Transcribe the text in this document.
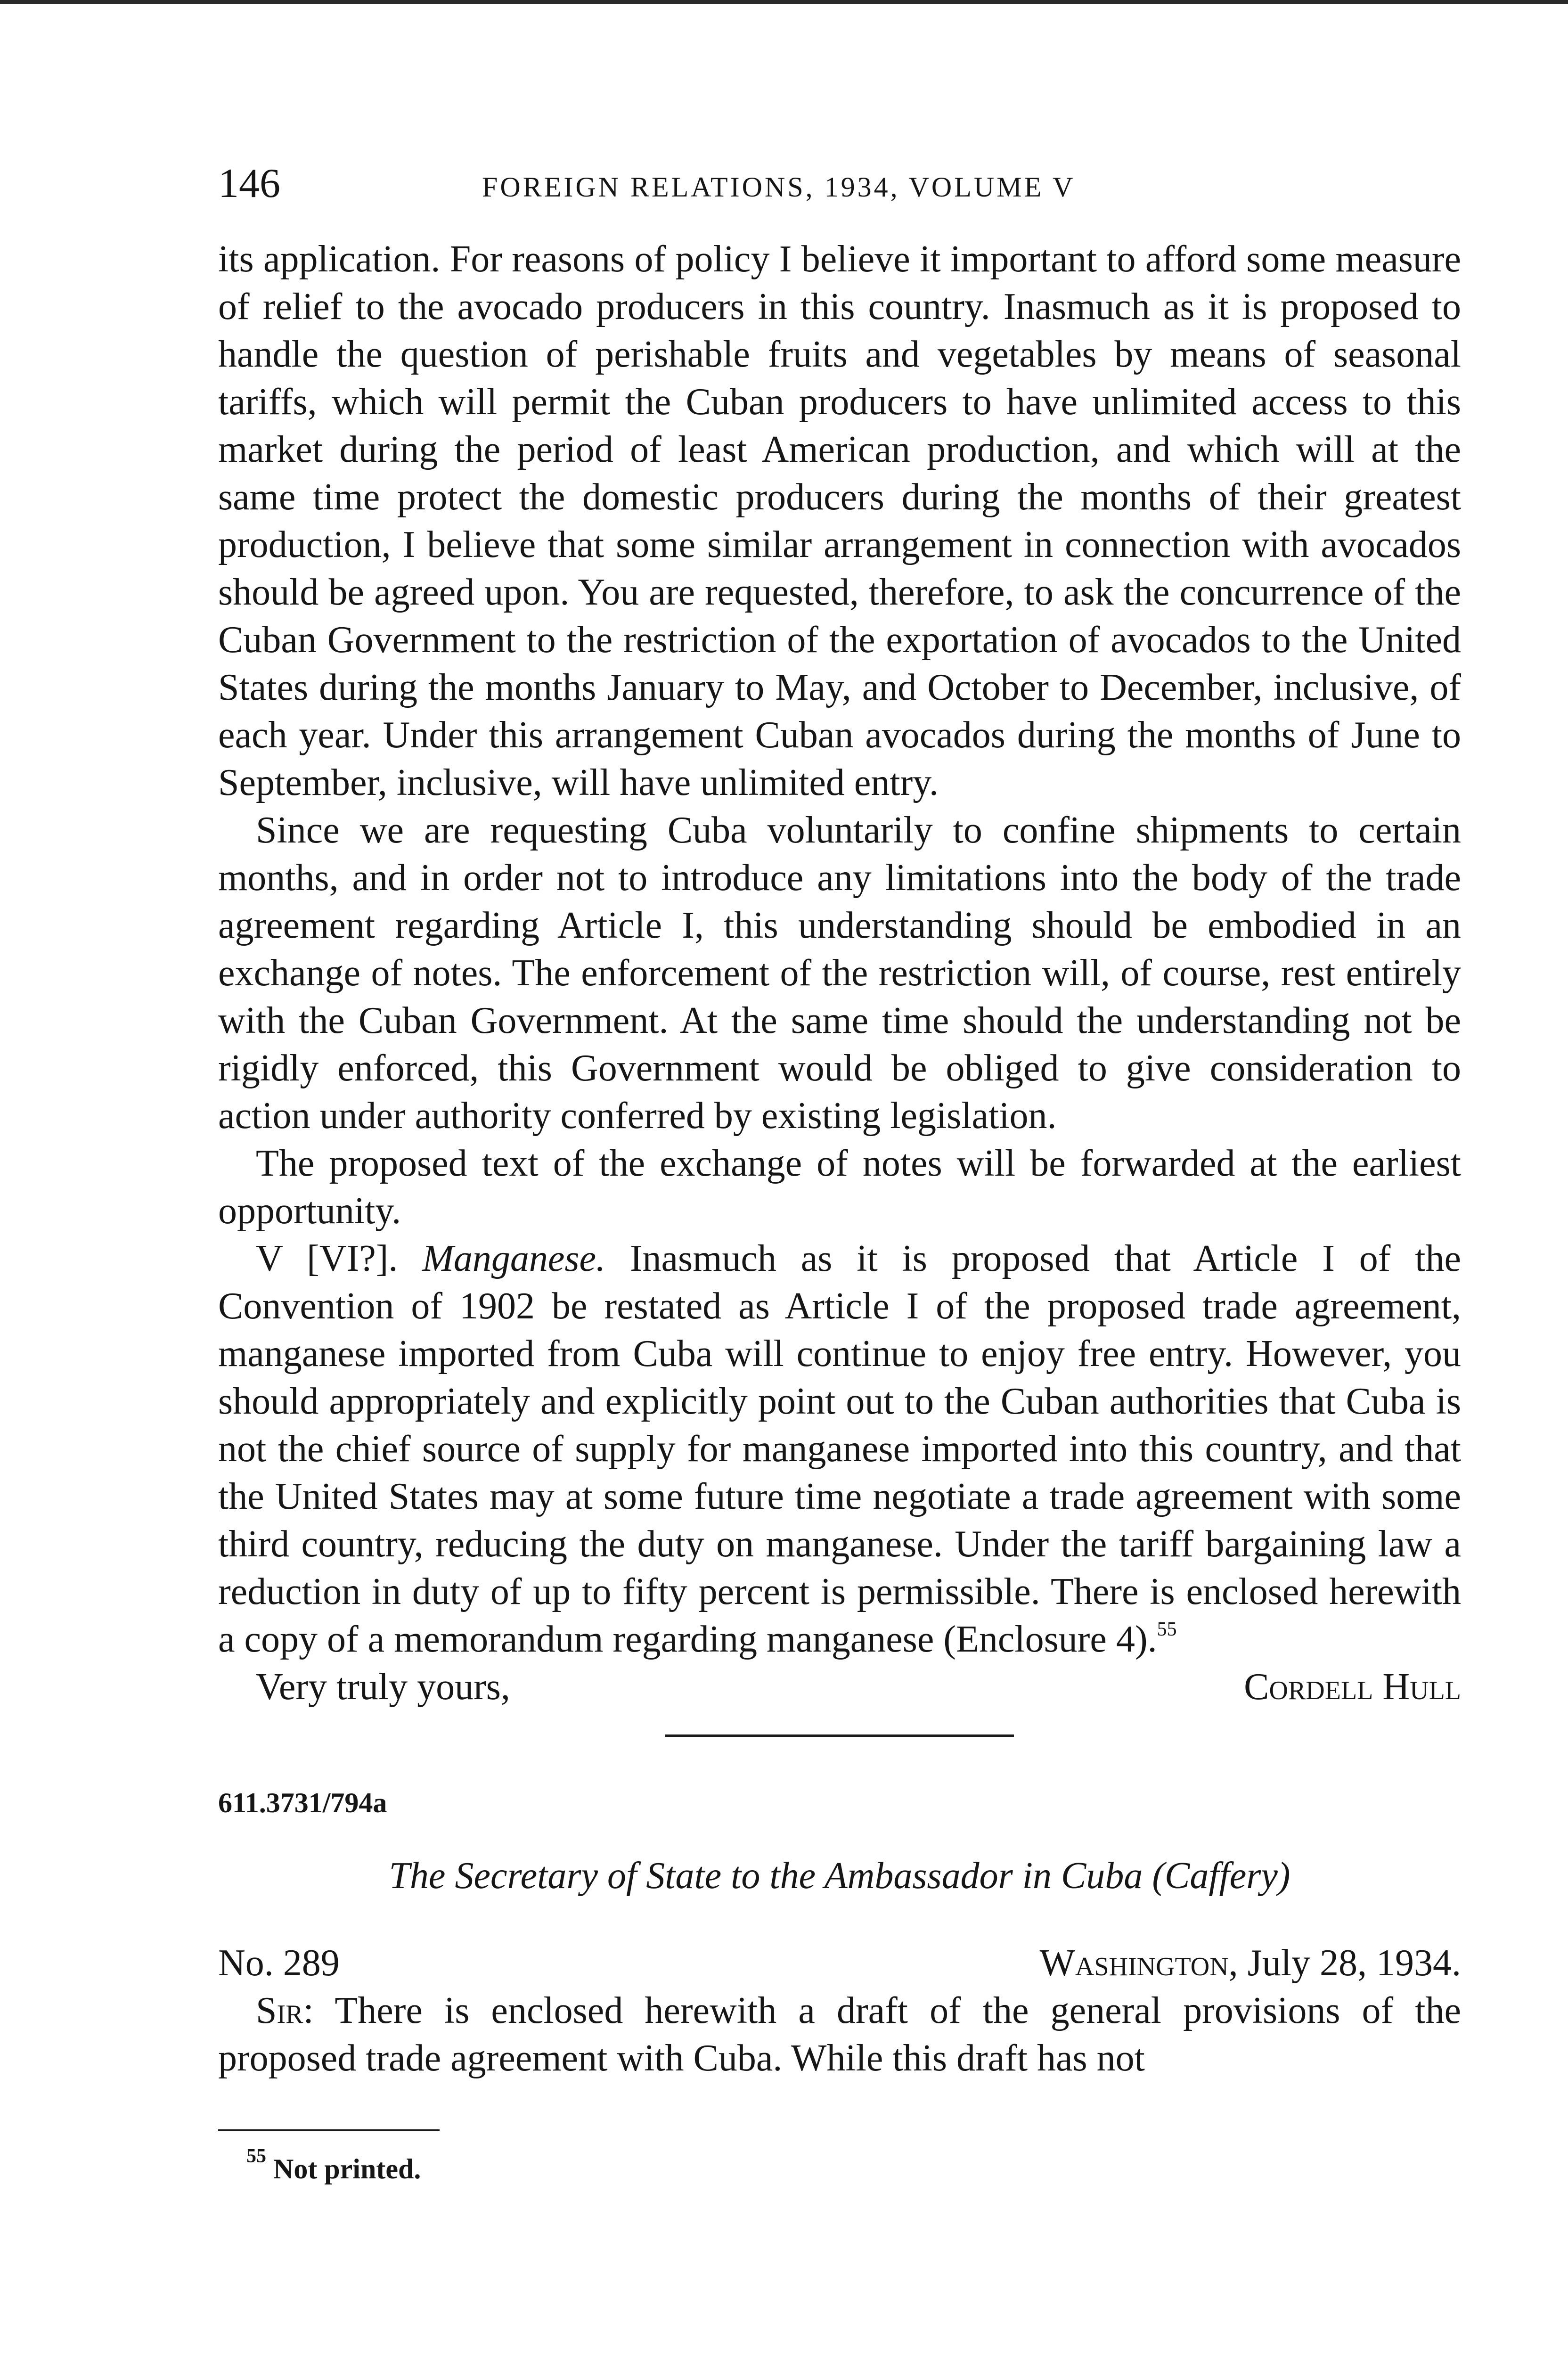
146	FOREIGN RELATIONS, 1934, VOLUME V

its application. For reasons of policy I believe it important to afford some measure of relief to the avocado producers in this country. Inasmuch as it is proposed to handle the question of perishable fruits and vegetables by means of seasonal tariffs, which will permit the Cuban producers to have unlimited access to this market during the period of least American production, and which will at the same time protect the domestic producers during the months of their greatest production, I believe that some similar arrangement in connection with avocados should be agreed upon. You are requested, therefore, to ask the concurrence of the Cuban Government to the restriction of the exportation of avocados to the United States during the months January to May, and October to December, inclusive, of each year. Under this arrangement Cuban avocados during the months of June to September, inclusive, will have unlimited entry.

Since we are requesting Cuba voluntarily to confine shipments to certain months, and in order not to introduce any limitations into the body of the trade agreement regarding Article I, this understanding should be embodied in an exchange of notes. The enforcement of the restriction will, of course, rest entirely with the Cuban Government. At the same time should the understanding not be rigidly enforced, this Government would be obliged to give consideration to action under authority conferred by existing legislation.

The proposed text of the exchange of notes will be forwarded at the earliest opportunity.

V [VI?]. Manganese. Inasmuch as it is proposed that Article I of the Convention of 1902 be restated as Article I of the proposed trade agreement, manganese imported from Cuba will continue to enjoy free entry. However, you should appropriately and explicitly point out to the Cuban authorities that Cuba is not the chief source of supply for manganese imported into this country, and that the United States may at some future time negotiate a trade agreement with some third country, reducing the duty on manganese. Under the tariff bargaining law a reduction in duty of up to fifty percent is permissible. There is enclosed herewith a copy of a memorandum regarding manganese (Enclosure 4).$^{55}$

Very truly yours,	Cordell Hull
611.3731/794a
The Secretary of State to the Ambassador in Cuba (Caffery)
No. 289	Washington, July 28, 1934.
Sir: There is enclosed herewith a draft of the general provisions of the proposed trade agreement with Cuba. While this draft has not
$^{55}$ Not printed.
